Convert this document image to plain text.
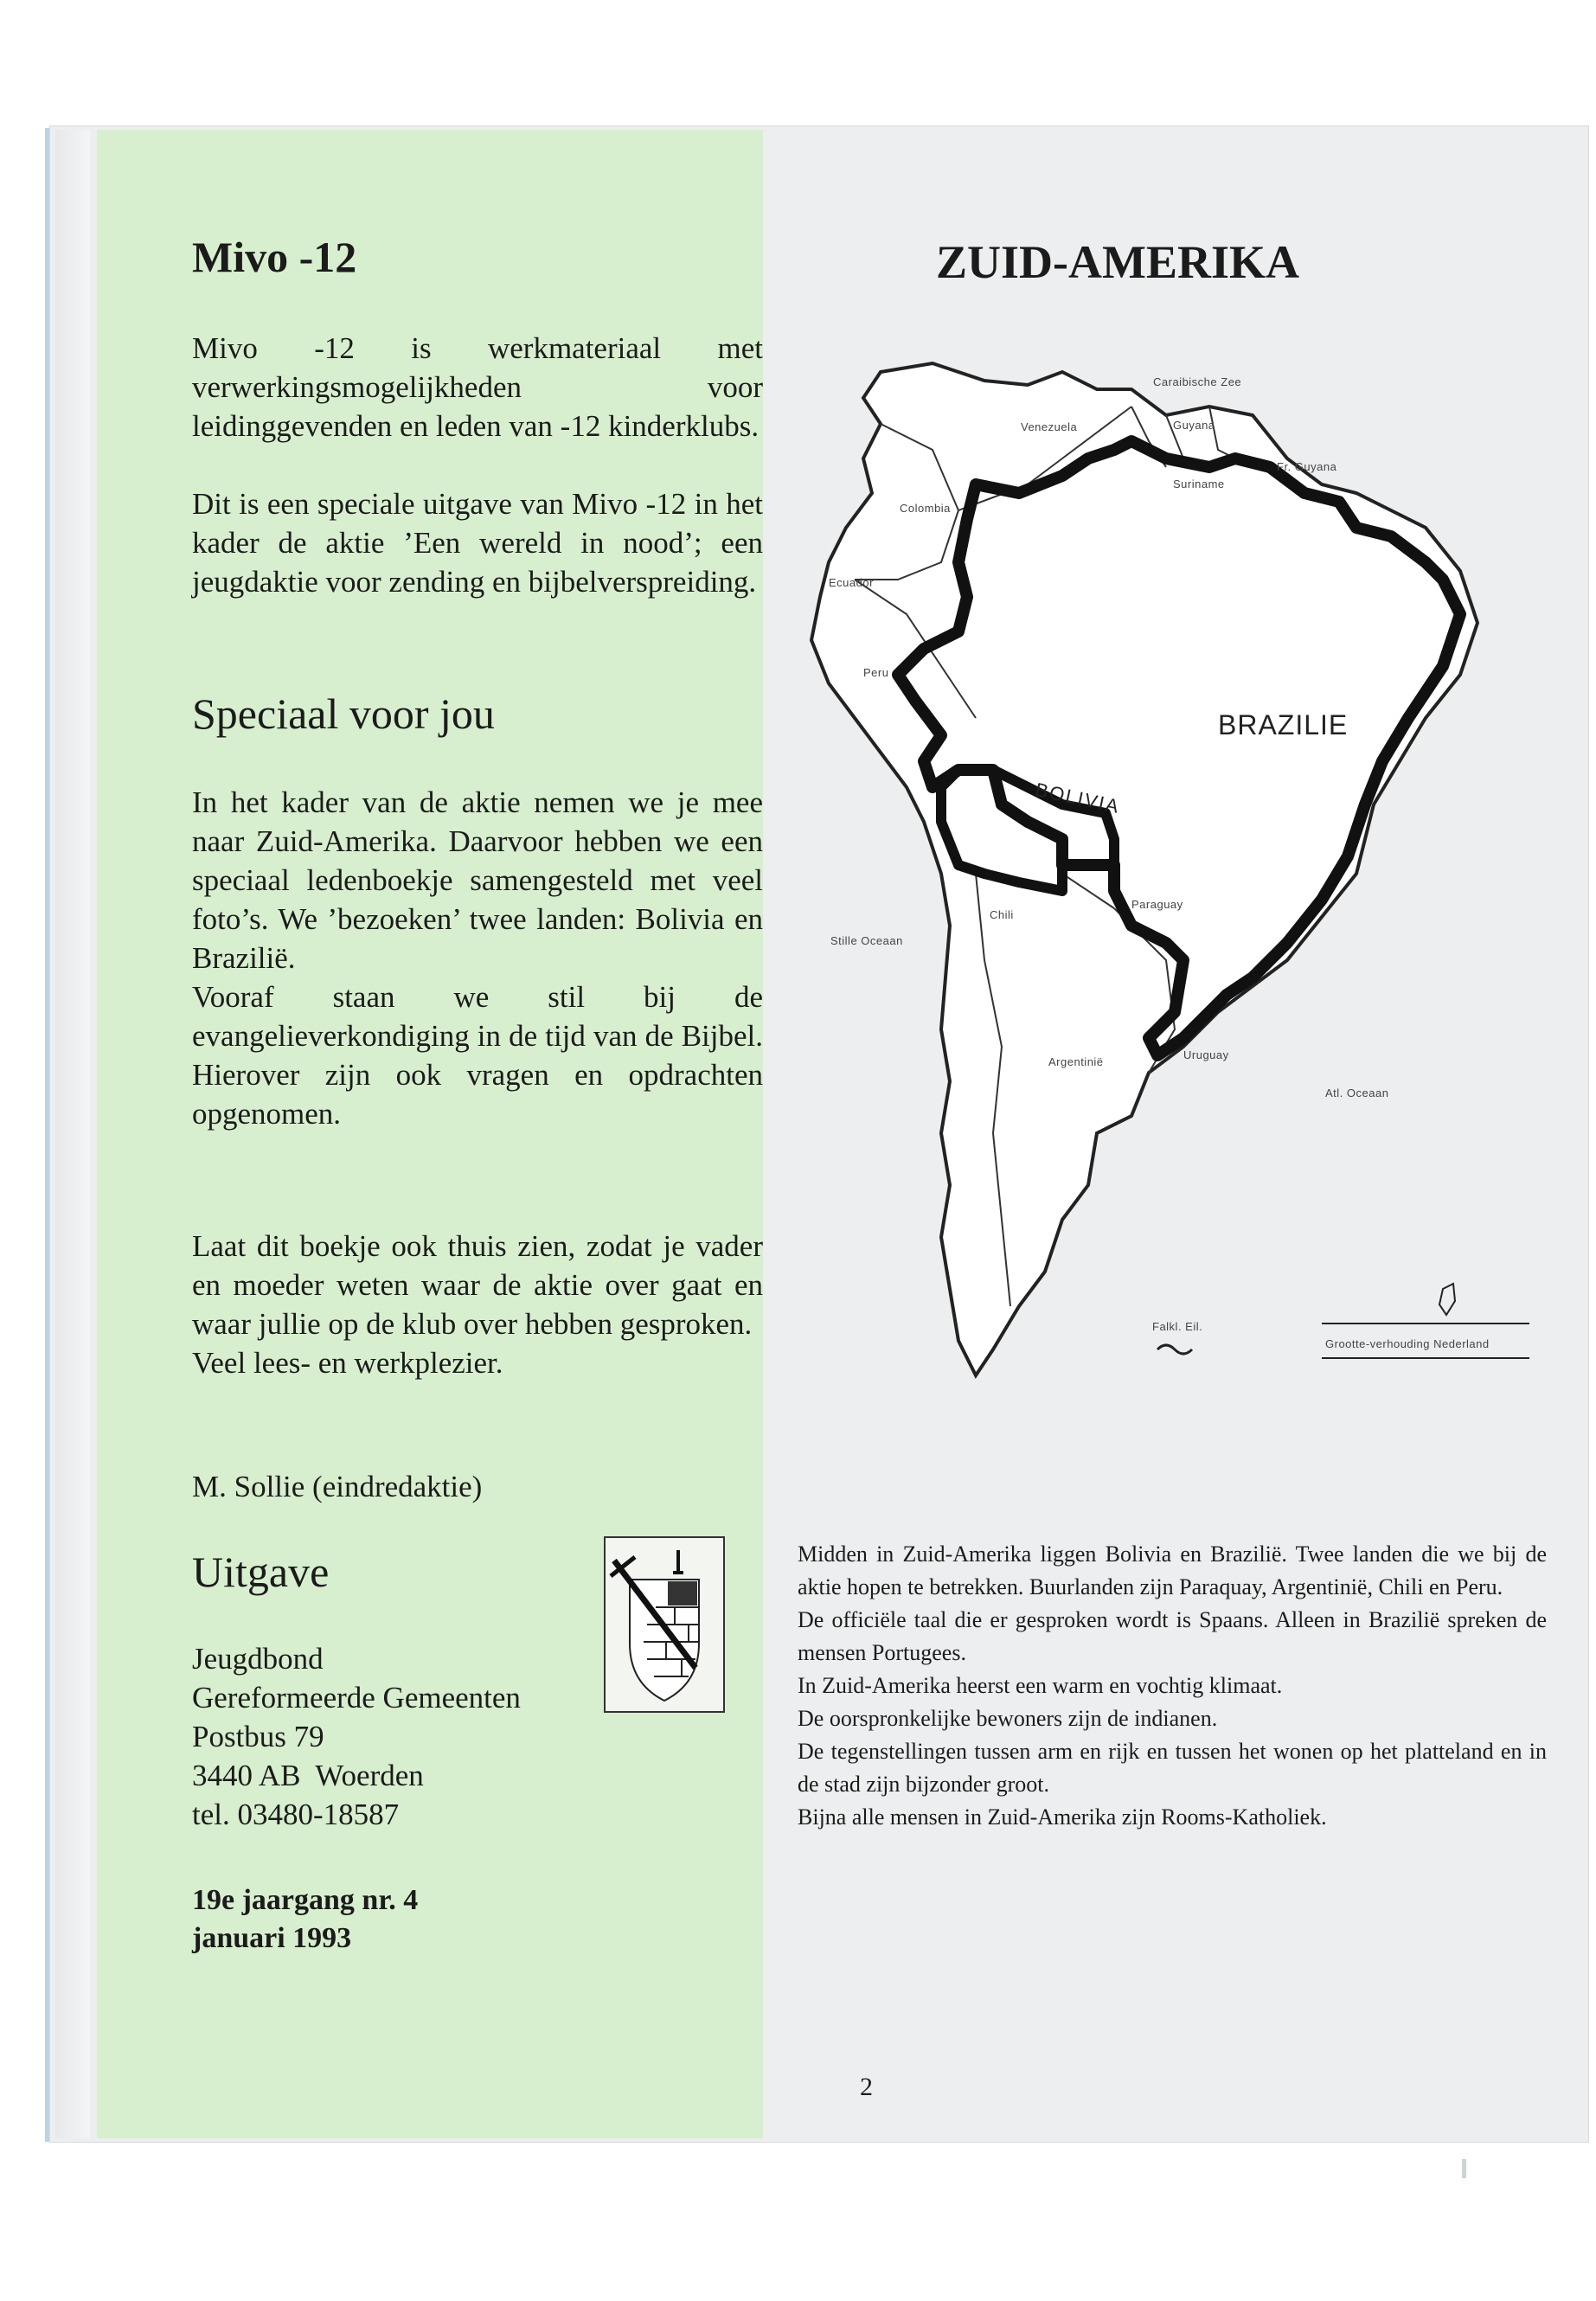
Mivo -12

Mivo -12 is werkmateriaal met verwerkingsmogelijkheden voor leidinggevenden en leden van -12 kinderklubs.

Dit is een speciale uitgave van Mivo -12 in het kader de aktie ’Een wereld in nood’; een jeugdaktie voor zending en bijbelverspreiding.

Speciaal voor jou

In het kader van de aktie nemen we je mee naar Zuid-Amerika. Daarvoor hebben we een speciaal ledenboekje samengesteld met veel foto’s. We ’bezoeken’ twee landen: Bolivia en Brazilië.

Vooraf staan we stil bij de evangelieverkondiging in de tijd van de Bijbel. Hierover zijn ook vragen en opdrachten opgenomen.

Laat dit boekje ook thuis zien, zodat je vader en moeder weten waar de aktie over gaat en waar jullie op de klub over hebben gesproken.

Veel lees- en werkplezier.

M. Sollie (eindredaktie)
Uitgave

Jeugdbond

Gereformeerde Gemeenten

Postbus 79

3440 AB  Woerden

tel. 03480-18587

19e jaargang nr. 4
januari 1993
ZUID-AMERIKA
Caraibische Zee
Venezuela	Guyana
Fr. Guyana
Suriname
Colombia
Ecuador
Peru
BRAZILIE
BOLIVIA
Paraguay
Chili
Stille Oceaan
Argentinië
Uruguay
Atl. Oceaan
Falkl. Eil.
Grootte-verhouding Nederland

Midden in Zuid-Amerika liggen Bolivia en Brazilië. Twee landen die we bij de aktie hopen te betrekken. Buurlanden zijn Paraquay, Argentinië, Chili en Peru.

De officiële taal die er gesproken wordt is Spaans. Alleen in Brazilië spreken de mensen Portugees.

In Zuid-Amerika heerst een warm en vochtig klimaat.

De oorspronkelijke bewoners zijn de indianen.

De tegenstellingen tussen arm en rijk en tussen het wonen op het platteland en in de stad zijn bijzonder groot.

Bijna alle mensen in Zuid-Amerika zijn Rooms-Katholiek.

2
